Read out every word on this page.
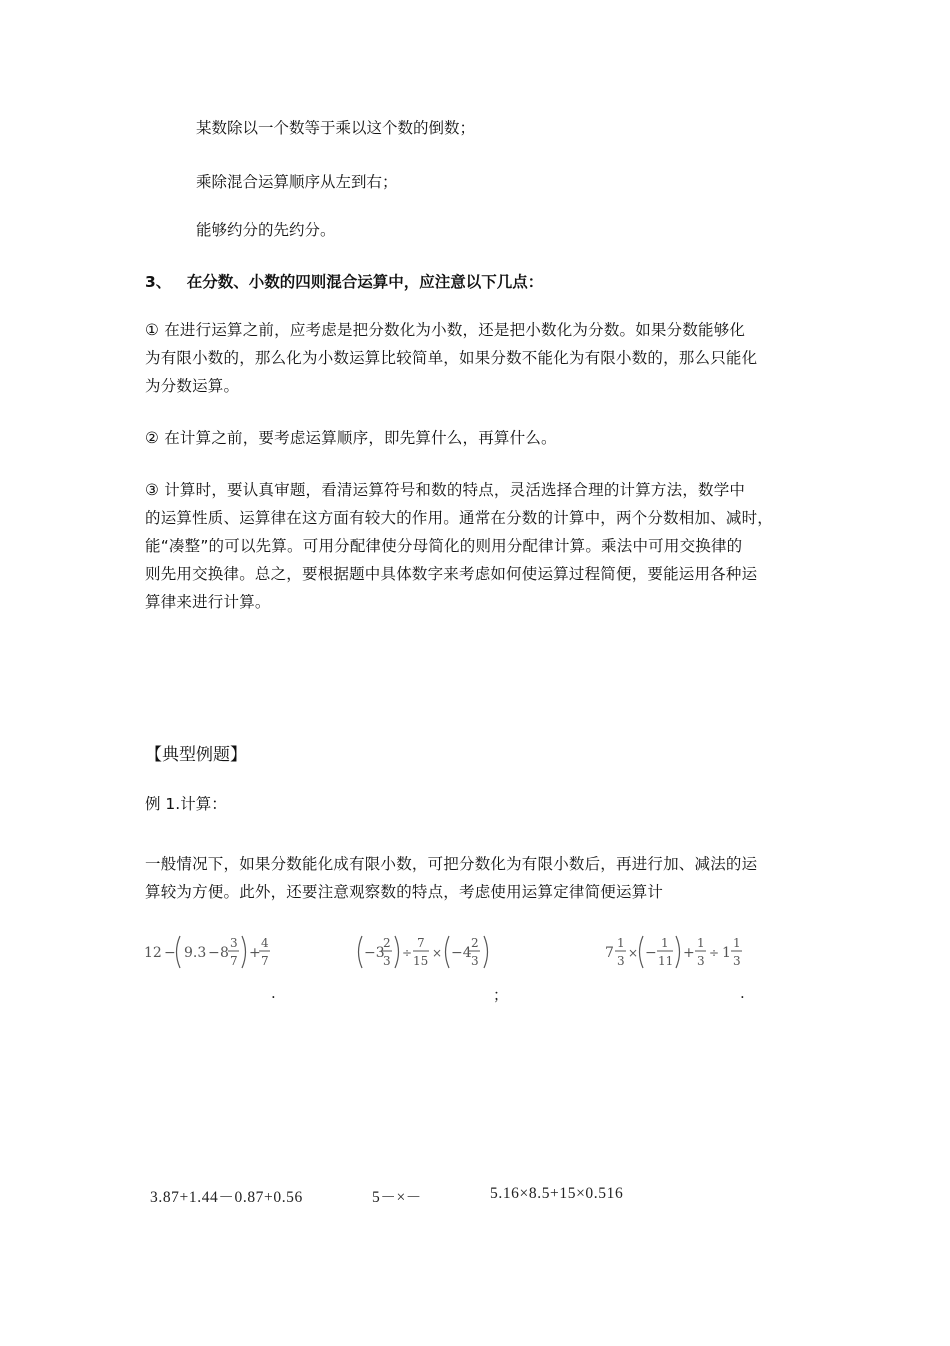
某数除以一个数等于乘以这个数的倒数；
乘除混合运算顺序从左到右；
能够约分的先约分。
3、 在分数、小数的四则混合运算中，应注意以下几点：
① 在进行运算之前，应考虑是把分数化为小数，还是把小数化为分数。如果分数能够化
为有限小数的，那么化为小数运算比较简单，如果分数不能化为有限小数的，那么只能化
为分数运算。
② 在计算之前，要考虑运算顺序，即先算什么，再算什么。
③ 计算时，要认真审题，看清运算符号和数的特点，灵活选择合理的计算方法，数学中
的运算性质、运算律在这方面有较大的作用。通常在分数的计算中，两个分数相加、减时，
能“凑整”的可以先算。可用分配律使分母简化的则用分配律计算。乘法中可用交换律的
则先用交换律。总之，要根据题中具体数字来考虑如何使运算过程简便，要能运用各种运
算律来进行计算。
【典型例题】
例 1.计算：
一般情况下，如果分数能化成有限小数，可把分数化为有限小数后，再进行加、减法的运
算较为方便。此外，还要注意观察数的特点，考虑使用运算定律简便运算计
12 − 9.3 − 8
3
7 +
4
7	−3
2
3
÷
7
15
× −4
2
3	7
1
3
× −
1
11 +
1
3
÷ 1
1
3
.	；	.
3.87+1.44－0.87+0.56	5－×－	5.16×8.5+15×0.516
